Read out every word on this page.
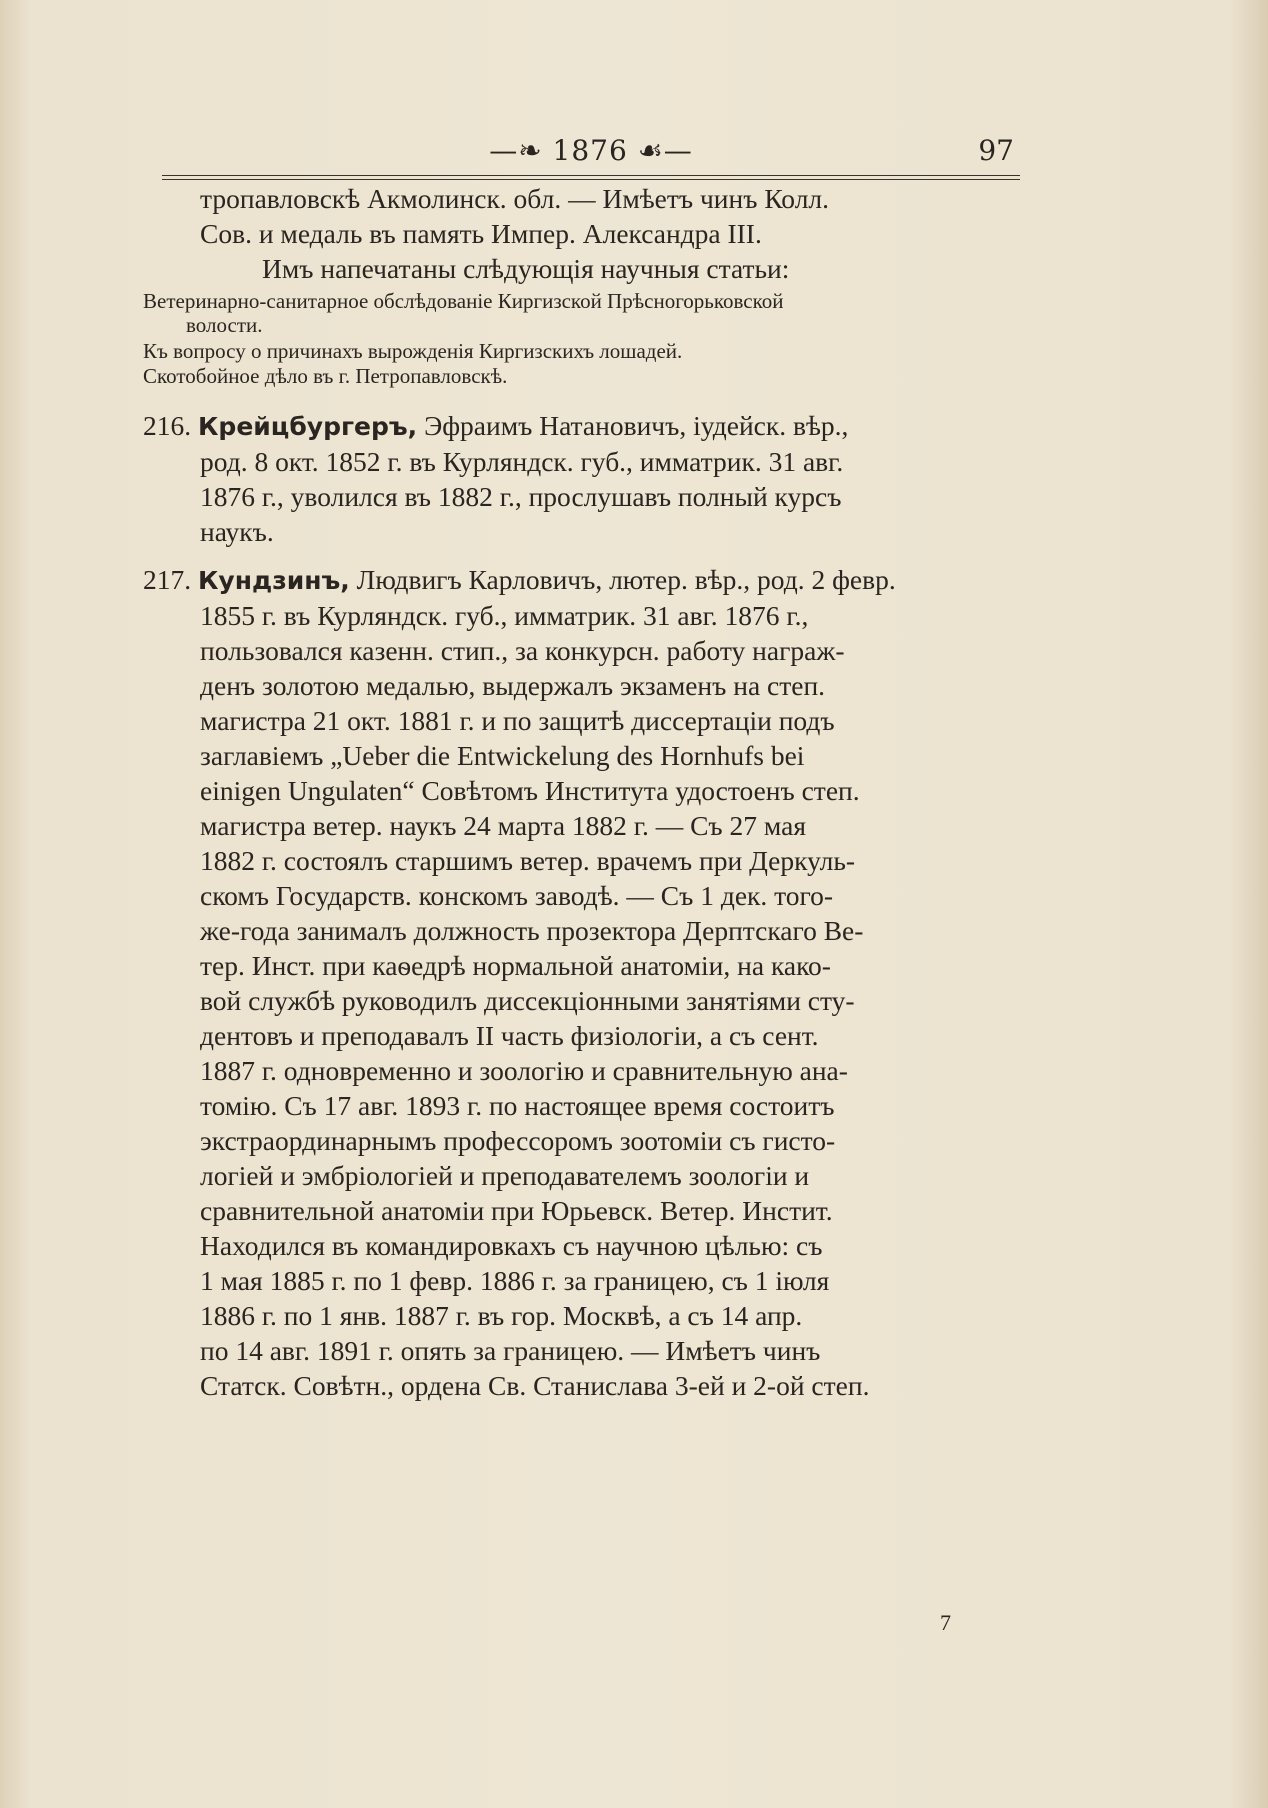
—❧ 1876 ☙—	97
тропавловскѣ Акмолинск. обл. — Имѣетъ чинъ Колл.
Сов. и медаль въ память Импер. Александра III.
Имъ напечатаны слѣдующія научныя статьи:
Ветеринарно-санитарное обслѣдованіе Киргизской Прѣсногорьковской
волости.
Къ вопросу о причинахъ вырожденія Киргизскихъ лошадей.
Скотобойное дѣло въ г. Петропавловскѣ.
216. Крейцбургеръ, Эфраимъ Натановичъ, іудейск. вѣр.,
род. 8 окт. 1852 г. въ Курляндск. губ., имматрик. 31 авг.
1876 г., уволился въ 1882 г., прослушавъ полный курсъ
наукъ.
217. Кундзинъ, Людвигъ Карловичъ, лютер. вѣр., род. 2 февр.
1855 г. въ Курляндск. губ., имматрик. 31 авг. 1876 г.,
пользовался казенн. стип., за конкурсн. работу награж-
денъ золотою медалью, выдержалъ экзаменъ на степ.
магистра 21 окт. 1881 г. и по защитѣ диссертаціи подъ
заглавіемъ „Ueber die Entwickelung des Hornhufs bei
einigen Ungulaten“ Совѣтомъ Института удостоенъ степ.
магистра ветер. наукъ 24 марта 1882 г. — Съ 27 мая
1882 г. состоялъ старшимъ ветер. врачемъ при Деркуль-
скомъ Государств. конскомъ заводѣ. — Съ 1 дек. того-
же-года занималъ должность прозектора Дерптскаго Ве-
тер. Инст. при каѳедрѣ нормальной анатоміи, на како-
вой службѣ руководилъ диссекціонными занятіями сту-
дентовъ и преподавалъ II часть физіологіи, а съ сент.
1887 г. одновременно и зоологію и сравнительную ана-
томію. Съ 17 авг. 1893 г. по настоящее время состоитъ
экстраординарнымъ профессоромъ зоотоміи съ гисто-
логіей и эмбріологіей и преподавателемъ зоологіи и
сравнительной анатоміи при Юрьевск. Ветер. Инстит.
Находился въ командировкахъ съ научною цѣлью: съ
1 мая 1885 г. по 1 февр. 1886 г. за границею, съ 1 іюля
1886 г. по 1 янв. 1887 г. въ гор. Москвѣ, а съ 14 апр.
по 14 авг. 1891 г. опять за границею. — Имѣетъ чинъ
Статск. Совѣтн., ордена Св. Станислава 3-ей и 2-ой степ.
7
